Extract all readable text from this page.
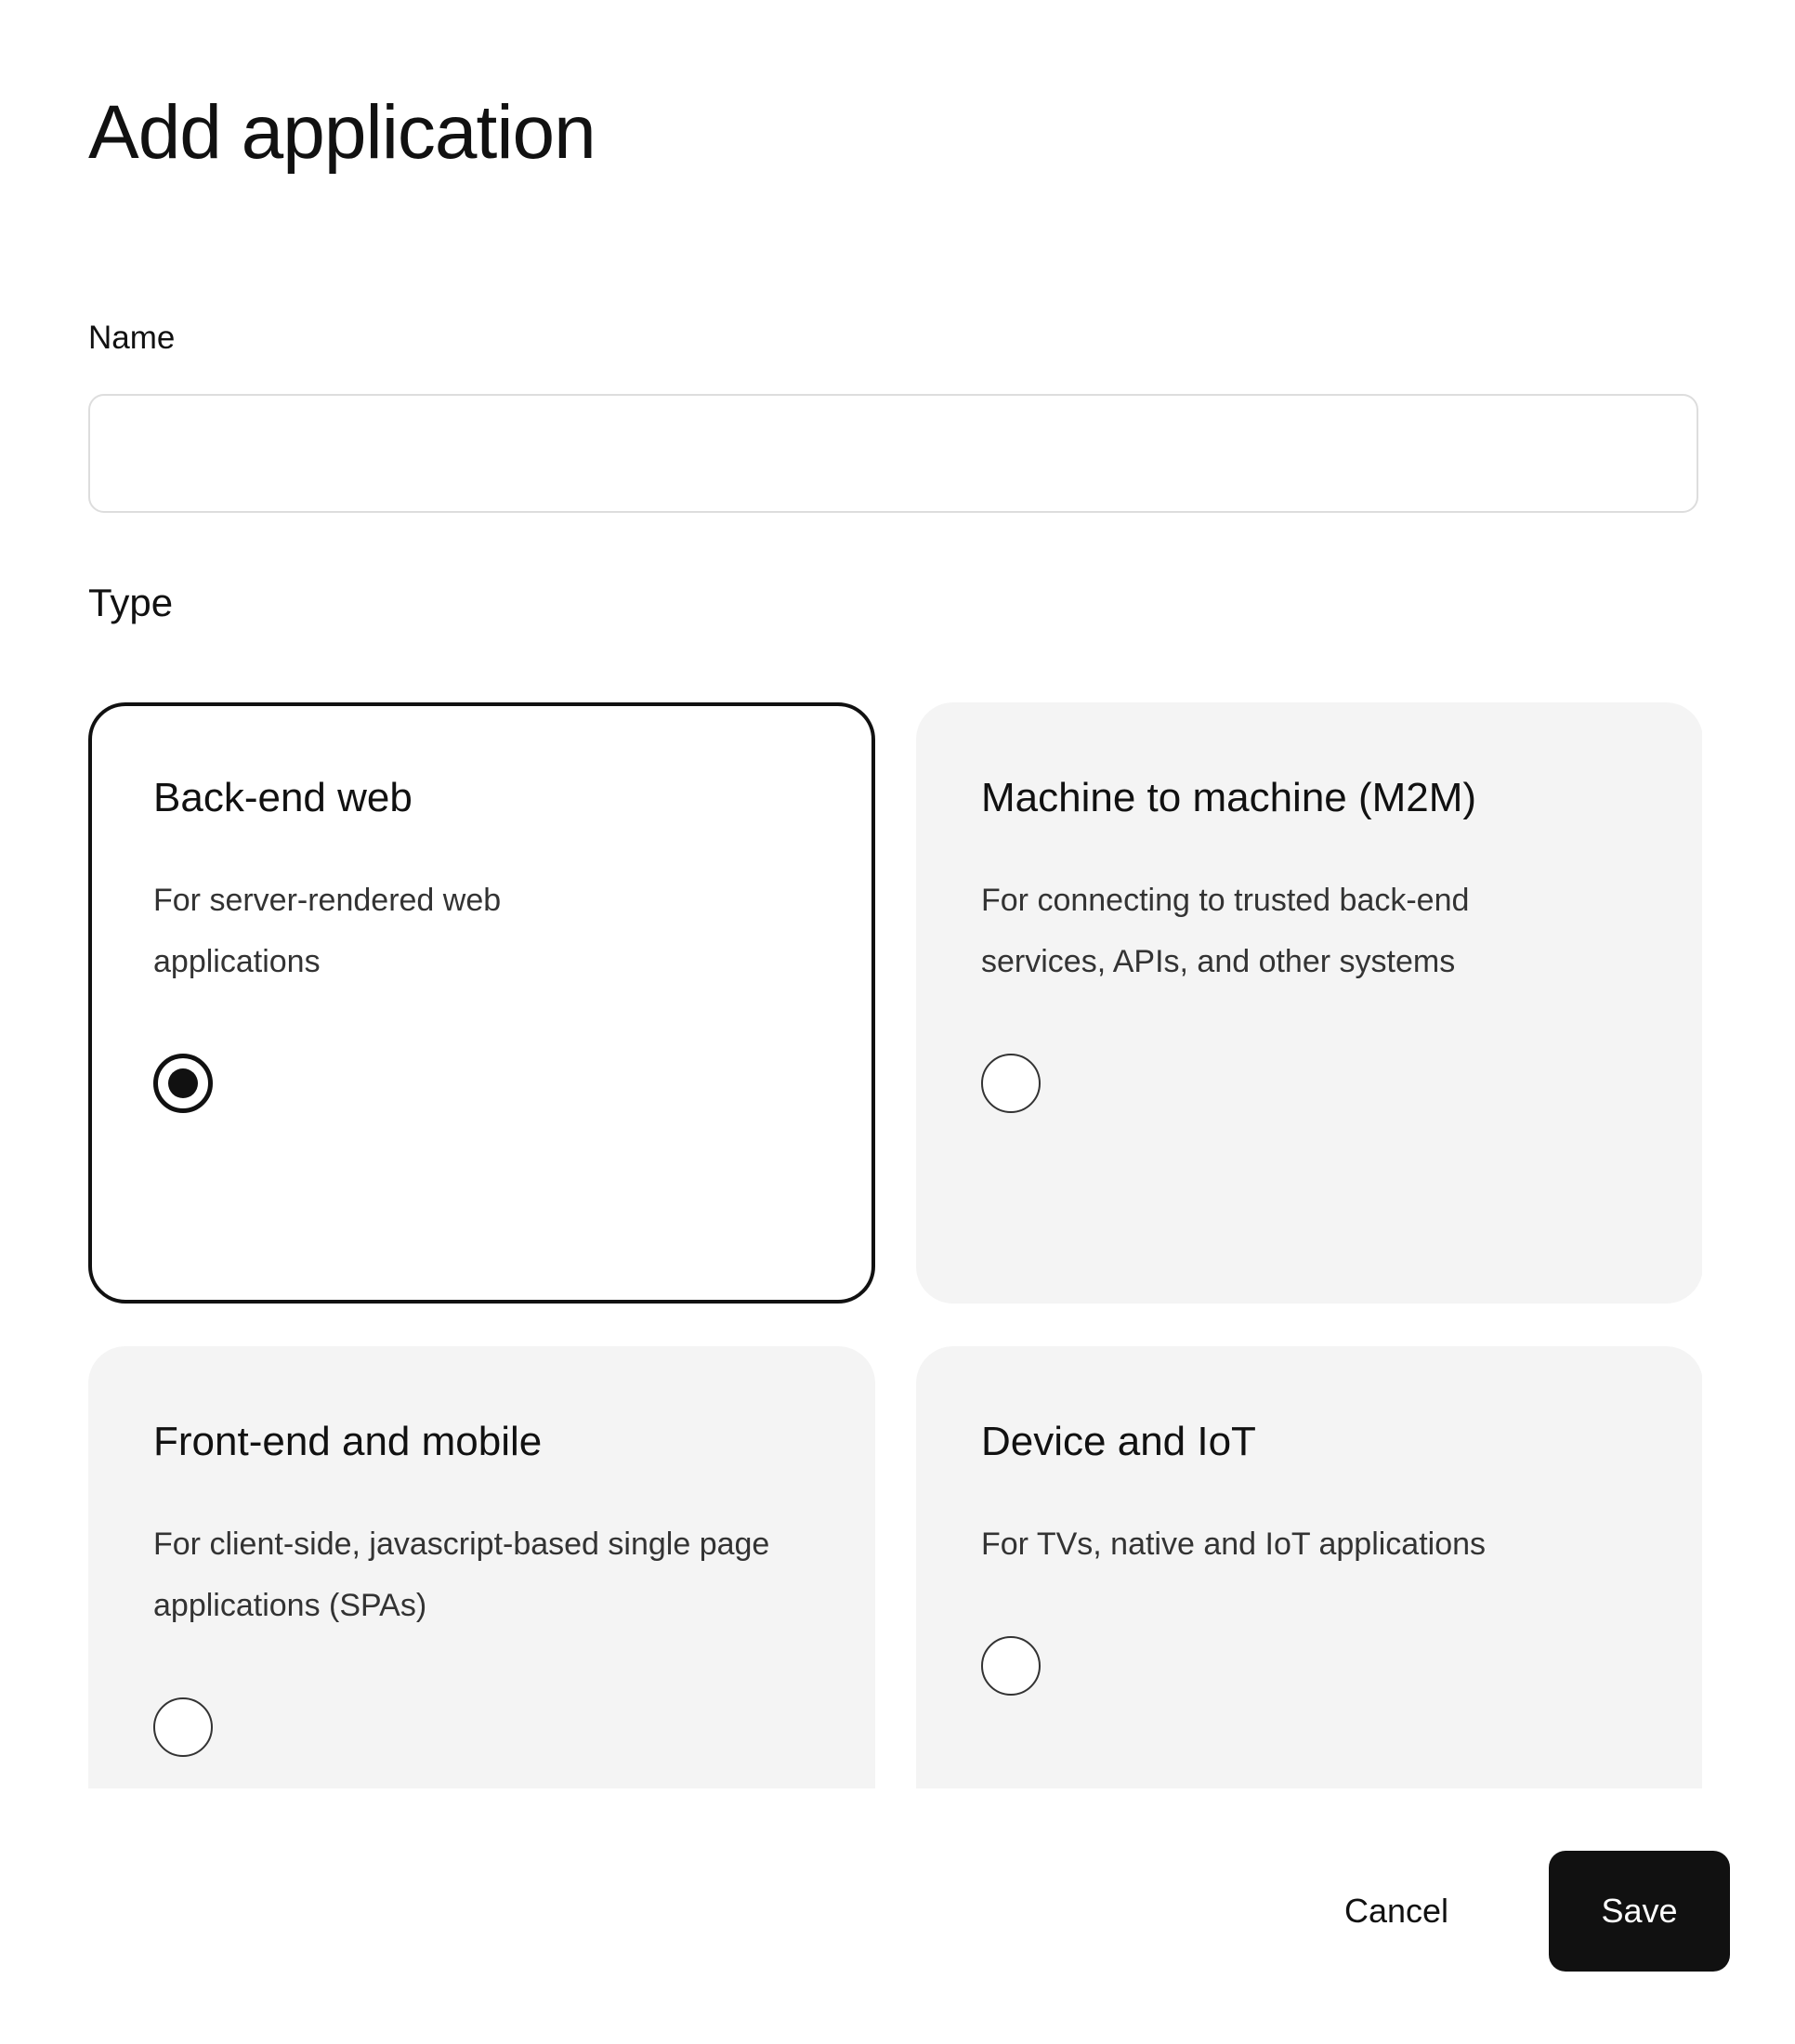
Add application
Name
Type

Back-end web

For server-rendered web applications

Machine to machine (M2M)

For connecting to trusted back-end services, APIs, and other systems

Front-end and mobile

For client-side, javascript-based single page applications (SPAs)

Device and IoT

For TVs, native and IoT applications

Cancel	Save
